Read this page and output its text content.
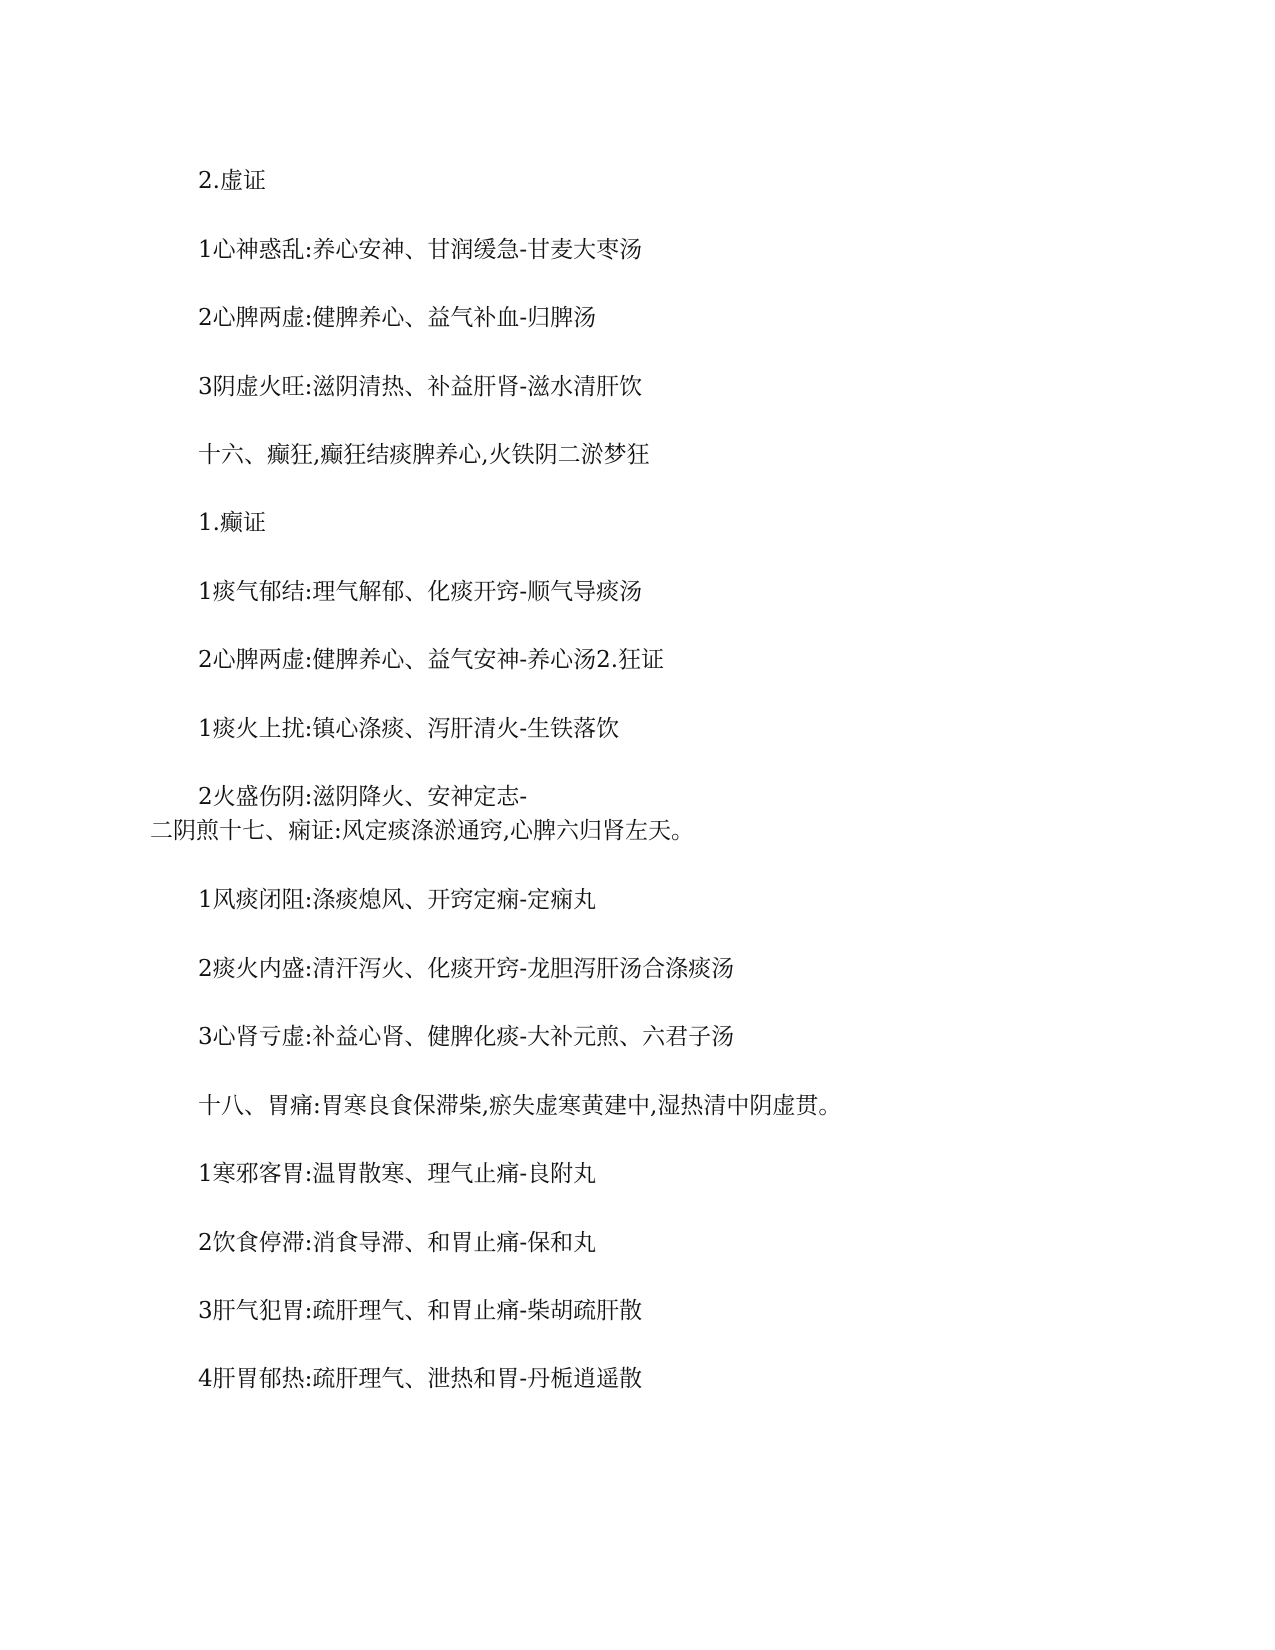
2.虚证
1心神惑乱:养心安神、甘润缓急-甘麦大枣汤
2心脾两虚:健脾养心、益气补血-归脾汤
3阴虚火旺:滋阴清热、补益肝肾-滋水清肝饮
十六、癫狂,癫狂结痰脾养心,火铁阴二淤梦狂
1.癫证
1痰气郁结:理气解郁、化痰开窍-顺气导痰汤
2心脾两虚:健脾养心、益气安神-养心汤2.狂证
1痰火上扰:镇心涤痰、泻肝清火-生铁落饮
2火盛伤阴:滋阴降火、安神定志-
二阴煎十七、痫证:风定痰涤淤通窍,心脾六归肾左天。
1风痰闭阻:涤痰熄风、开窍定痫-定痫丸
2痰火内盛:清汗泻火、化痰开窍-龙胆泻肝汤合涤痰汤
3心肾亏虚:补益心肾、健脾化痰-大补元煎、六君子汤
十八、胃痛:胃寒良食保滞柴,瘀失虚寒黄建中,湿热清中阴虚贯。
1寒邪客胃:温胃散寒、理气止痛-良附丸
2饮食停滞:消食导滞、和胃止痛-保和丸
3肝气犯胃:疏肝理气、和胃止痛-柴胡疏肝散
4肝胃郁热:疏肝理气、泄热和胃-丹栀逍遥散
